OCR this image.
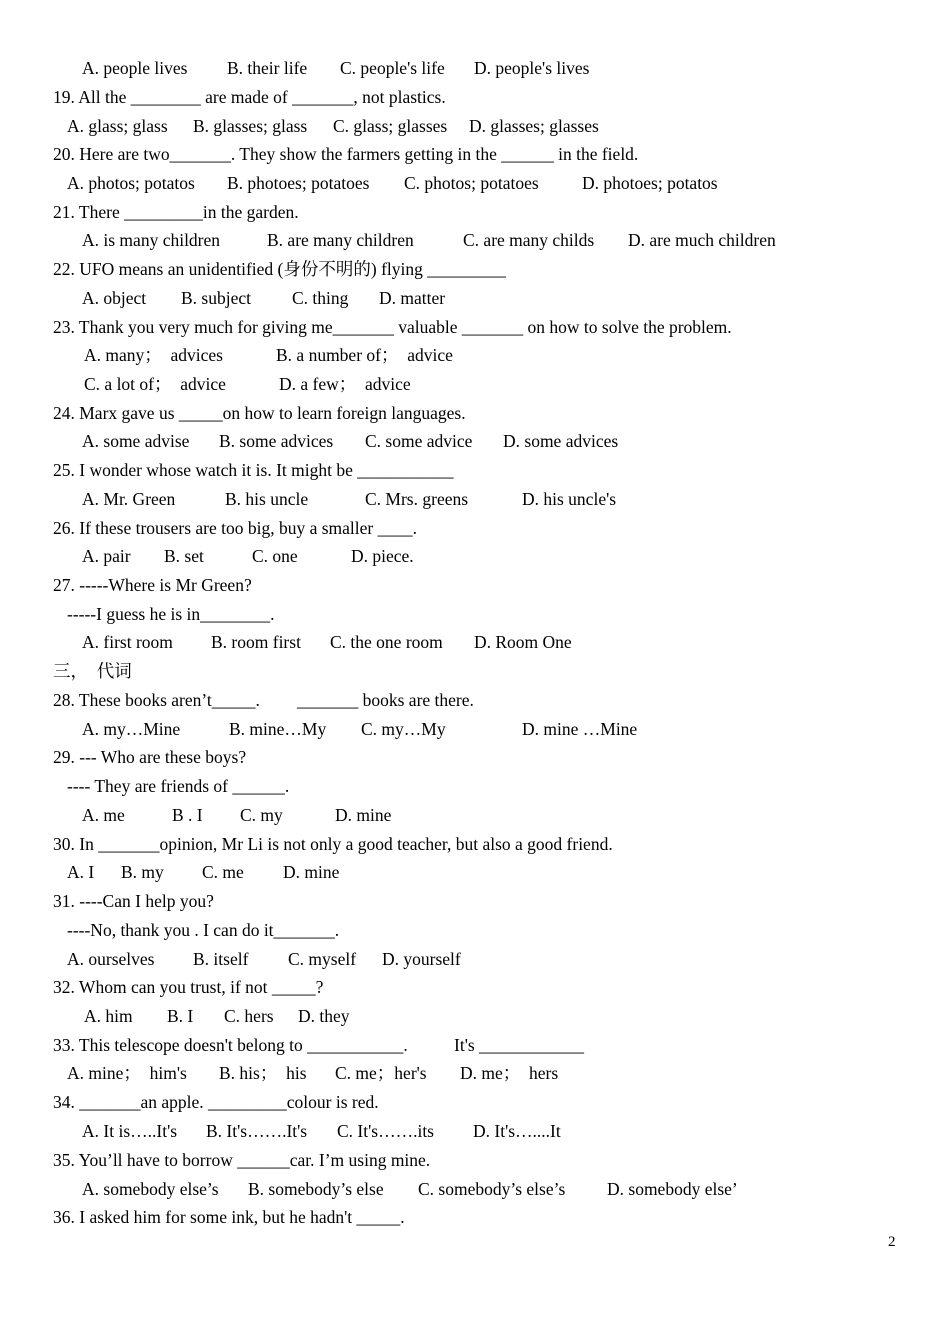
A. people lives

B. their life

C. people's life

D. people's lives

19. All the ________ are made of _______, not plastics.

A. glass; glass

B. glasses; glass

C. glass; glasses

D. glasses; glasses

20. Here are two_______. They show the farmers getting in the ______ in the field.

A. photos; potatos

B. photoes; potatoes

C. photos; potatoes

D. photoes; potatos

21. There _________in the garden.

A. is many children

	B. are many children

	C. are many childs

D. are much children

22. UFO means an unidentified (身份不明的) flying _________

A. object

B. subject

C. thing

D. matter

23. Thank you very much for giving me_______ valuable _______ on how to solve the problem.

A. many；  advices

	B. a number of；  advice

C. a lot of；  advice

	D. a few；  advice

24. Marx gave us _____on how to learn foreign languages.

A. some advise

B. some advices

C. some advice

D. some advices

25. I wonder whose watch it is. It might be ___________

A. Mr. Green

	B. his uncle

	C. Mrs. greens

	D. his uncle's

26. If these trousers are too big, buy a smaller ____.

A. pair

B. set

	C. one

	D. piece.

27. -----Where is Mr Green?

-----I guess he is in________.

A. first room

B. room first

C. the one room

D. Room One

三，  代词

28. These books aren’t_____.

_______ books are there.

A. my…Mine

	B. mine…My

C. my…My

	D. mine …Mine

29. --- Who are these boys?

---- They are friends of ______.

A. me

	B . I

C. my

	D. mine

30. In _______opinion, Mr Li is not only a good teacher, but also a good friend.

A. I

B. my

C. me

D. mine

31. ----Can I help you?

----No, thank you . I can do it_______.

A. ourselves

B. itself

C. myself

D. yourself

32. Whom can you trust, if not _____?

A. him

B. I

C. hers

D. they

33. This telescope doesn't belong to ___________.

	It's ____________

A. mine；  him's

B. his；  his

C. me；her's

D. me；  hers

34. _______an apple. _________colour is red.

A. It is…..It's

B. It's…….It's

C. It's…….its

D. It's…....It

35. You’ll have to borrow ______car. I’m using mine.

A. somebody else’s

B. somebody’s else

C. somebody’s else’s

D. somebody else’

36. I asked him for some ink, but he hadn't _____.

2
